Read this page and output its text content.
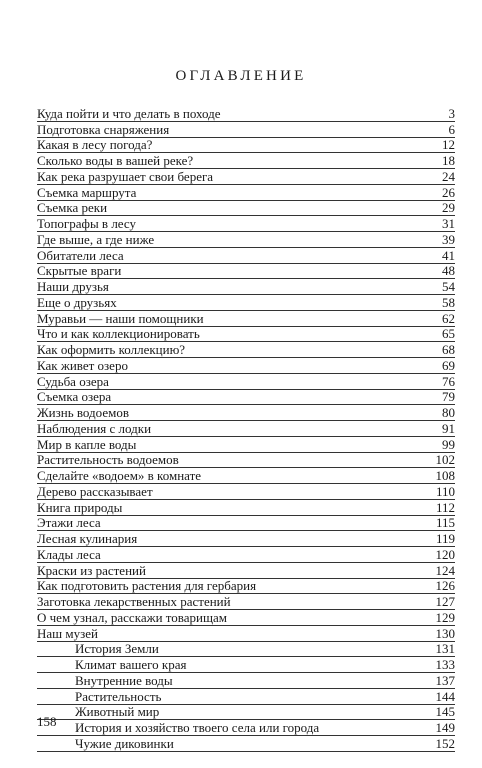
ОГЛАВЛЕНИЕ
Куда пойти и что делать в походе	3
Подготовка снаряжения	6
Какая в лесу погода?	12
Сколько воды в вашей реке?	18
Как река разрушает свои берега	24
Съемка маршрута	26
Съемка реки	29
Топографы в лесу	31
Где выше, а где ниже	39
Обитатели леса	41
Скрытые враги	48
Наши друзья	54
Еще о друзьях	58
Муравьи — наши помощники	62
Что и как коллекционировать	65
Как оформить коллекцию?	68
Как живет озеро	69
Судьба озера	76
Съемка озера	79
Жизнь водоемов	80
Наблюдения с лодки	91
Мир в капле воды	99
Растительность водоемов	102
Сделайте «водоем» в комнате	108
Дерево рассказывает	110
Книга природы	112
Этажи леса	115
Лесная кулинария	119
Клады леса	120
Краски из растений	124
Как подготовить растения для гербария	126
Заготовка лекарственных растений	127
О чем узнал, расскажи товарищам	129
Наш музей	130
История Земли	131
Климат вашего края	133
Внутренние воды	137
Растительность	144
Животный мир	145
История и хозяйство твоего села или города	149
Чужие диковинки	152
158
